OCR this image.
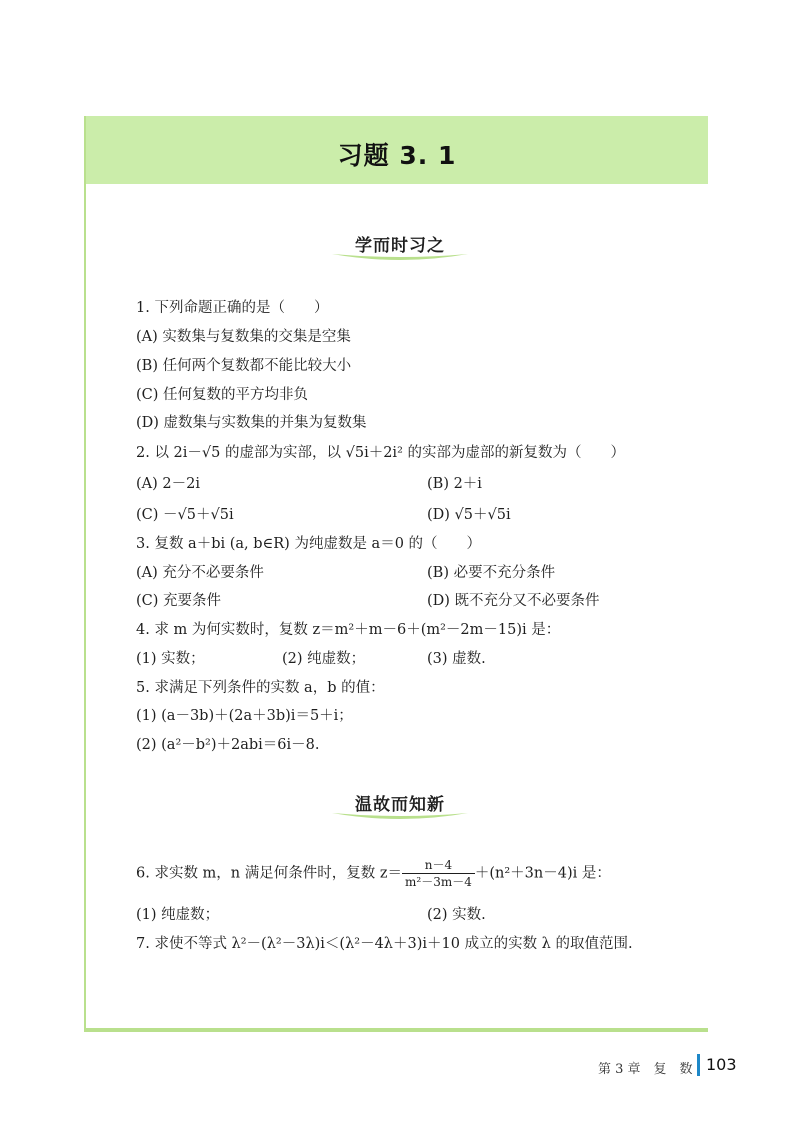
习题 3. 1
学而时习之
1. 下列命题正确的是（　　）
(A) 实数集与复数集的交集是空集
(B) 任何两个复数都不能比较大小
(C) 任何复数的平方均非负
(D) 虚数集与实数集的并集为复数集
2. 以 2i－√5 的虚部为实部，以 √5i＋2i² 的实部为虚部的新复数为（　　）
(A) 2－2i	(B) 2＋i
(C) －√5＋√5i	(D) √5＋√5i
3. 复数 a＋bi (a, b∈R) 为纯虚数是 a＝0 的（　　）
(A) 充分不必要条件	(B) 必要不充分条件
(C) 充要条件	(D) 既不充分又不必要条件
4. 求 m 为何实数时，复数 z＝m²＋m－6＋(m²－2m－15)i 是：
(1) 实数；	(2) 纯虚数；	(3) 虚数.
5. 求满足下列条件的实数 a，b 的值：
(1) (a－3b)＋(2a＋3b)i＝5＋i；
(2) (a²－b²)＋2abi＝6i－8.
温故而知新
6. 求实数 m，n 满足何条件时，复数 $z= \frac{n-4}{\text{m²－3m－4}} +(n^2+3n-4)i$ 是：
(1) 纯虚数；	(2) 实数.
7. 求使不等式 λ²－(λ²－3λ)i＜(λ²－4λ＋3)i＋10 成立的实数 λ 的取值范围.
第 3 章　复　数 103
